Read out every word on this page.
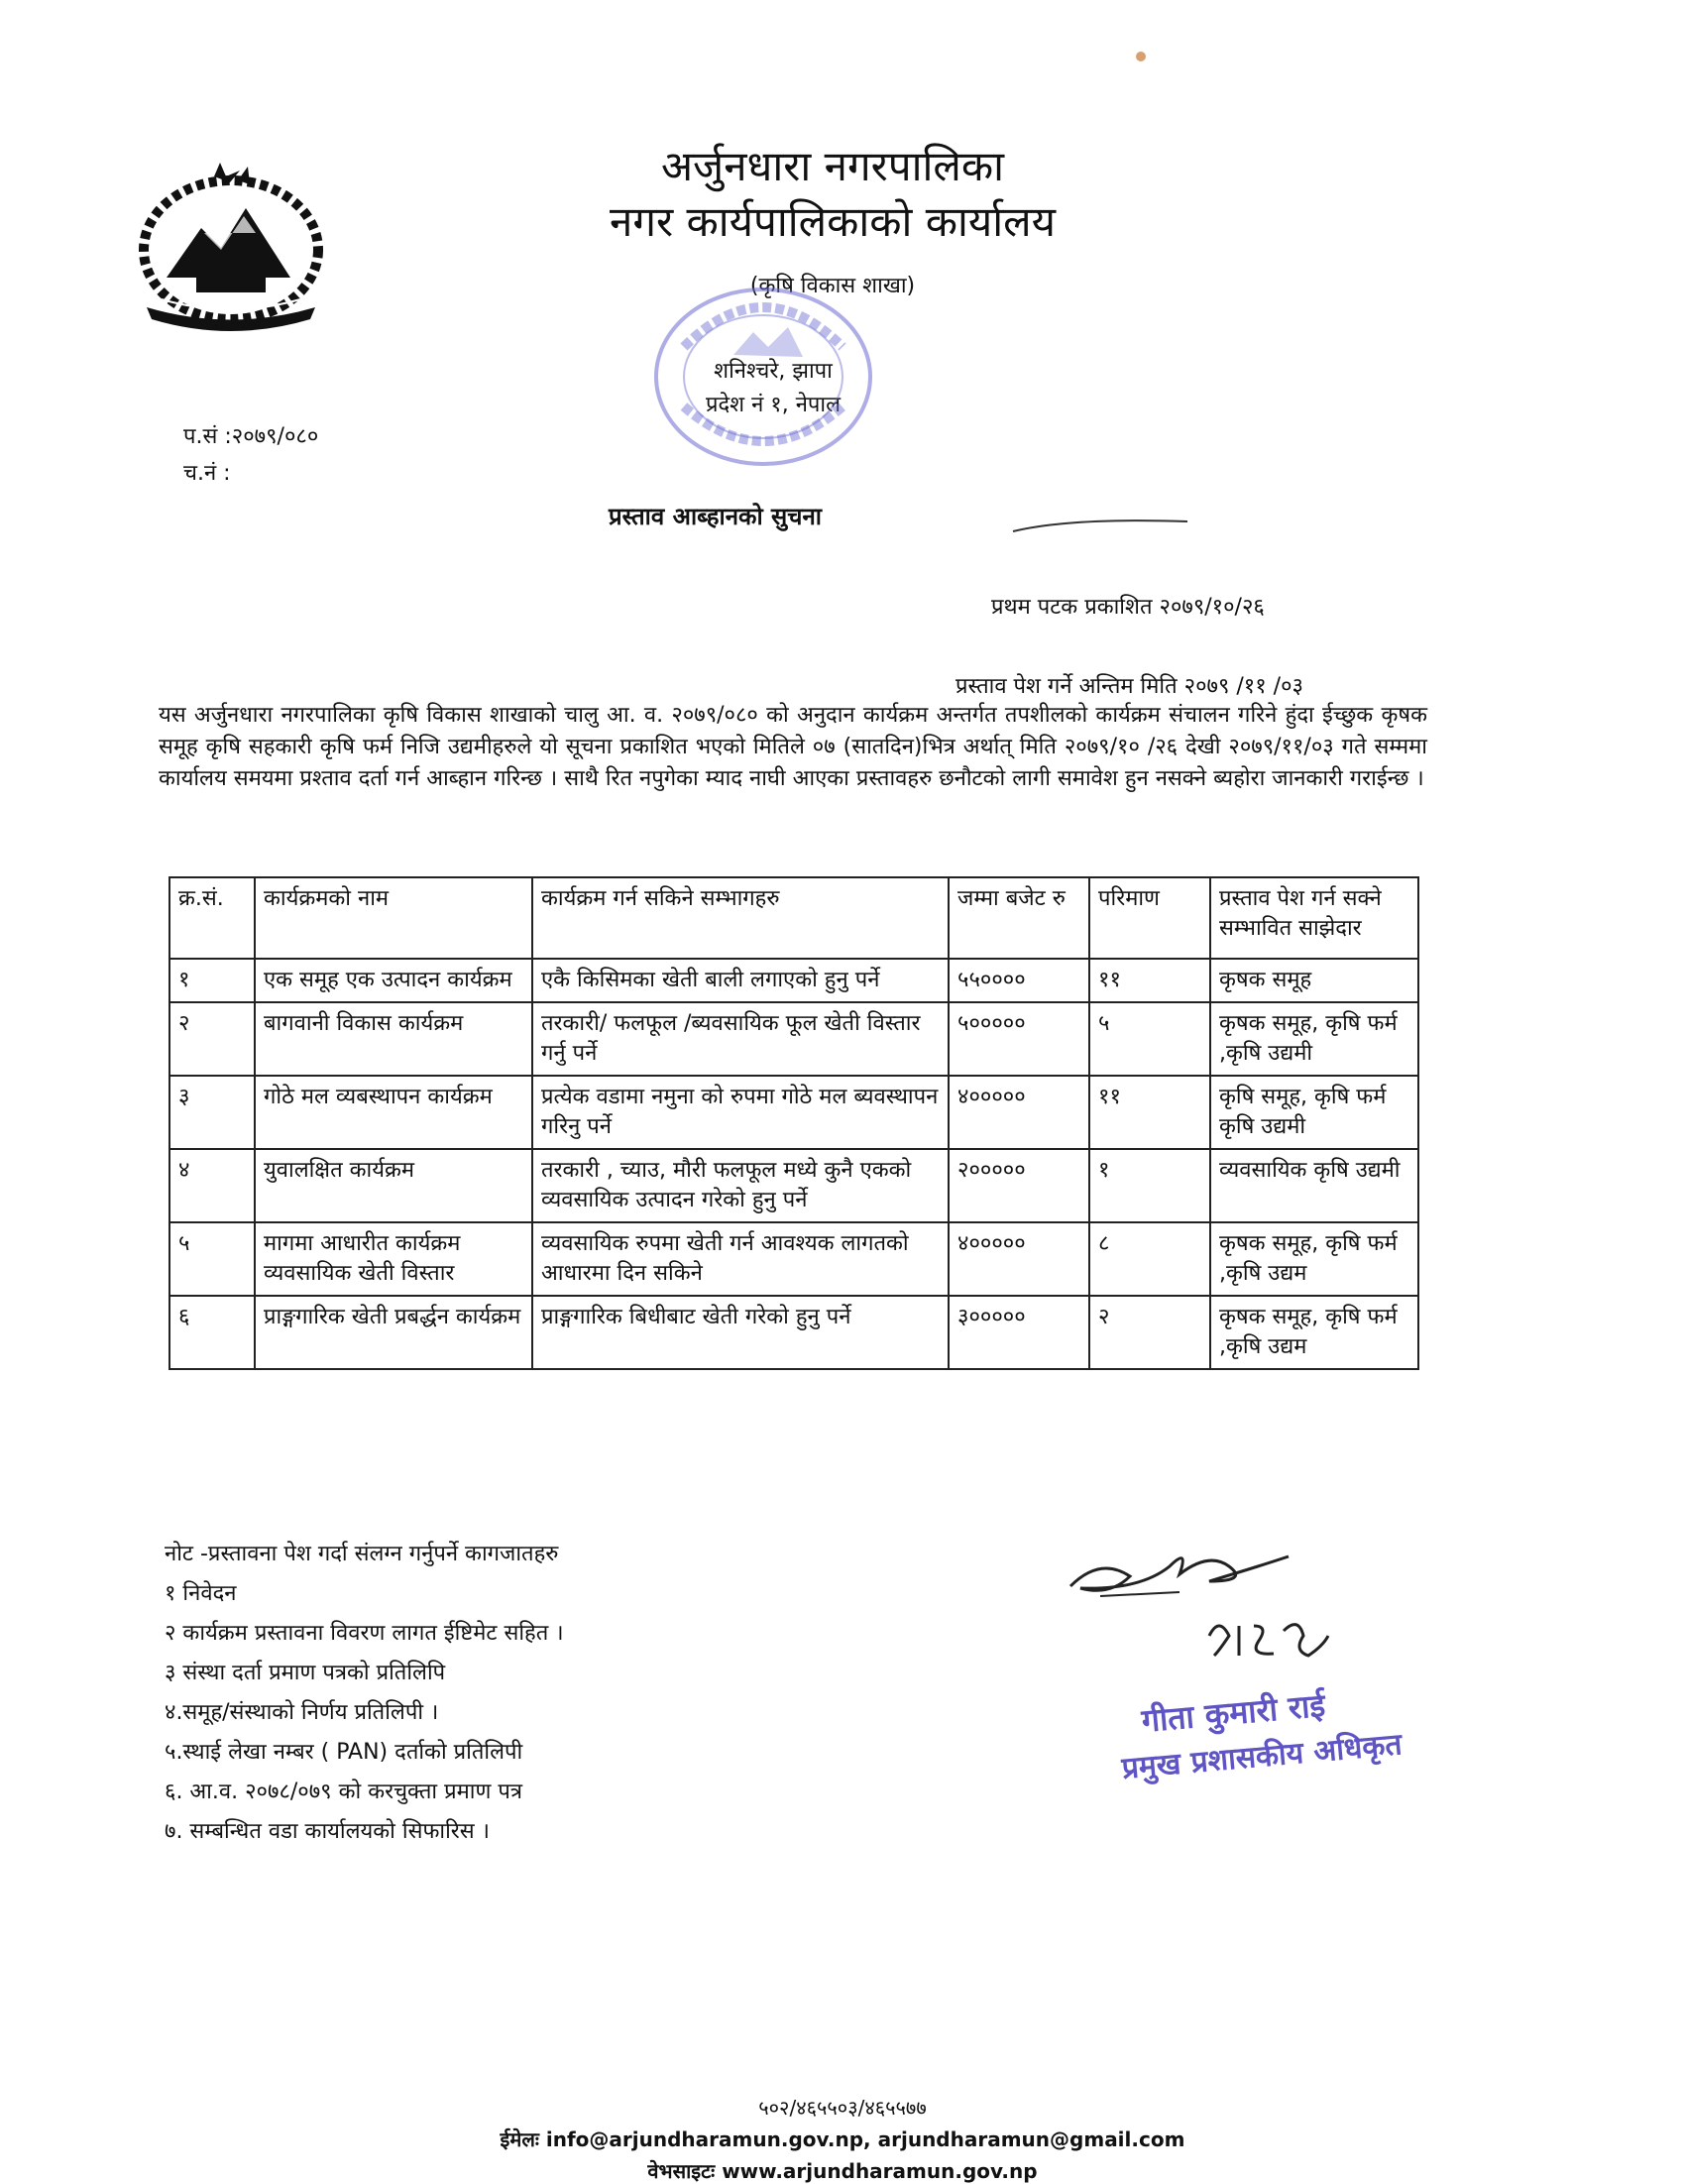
अर्जुनधारा नगरपालिका
नगर कार्यपालिकाको कार्यालय
(कृषि विकास शाखा)
शनिश्चरे, झापा
प्रदेश नं १, नेपाल
प.सं :२०७९/०८०
च.नं :
प्रस्ताव आब्हानको सुचना
प्रथम पटक प्रकाशित २०७९/१०/२६
प्रस्ताव पेश गर्ने अन्तिम मिति २०७९ /११ /०३
यस अर्जुनधारा नगरपालिका कृषि विकास शाखाको चालु आ. व. २०७९/०८० को अनुदान कार्यक्रम अन्तर्गत तपशीलको कार्यक्रम संचालन गरिने हुंदा ईच्छुक कृषक समूह कृषि सहकारी कृषि फर्म निजि उद्यमीहरुले यो सूचना प्रकाशित भएको मितिले ०७ (सातदिन)भित्र अर्थात् मिति २०७९/१० /२६ देखी २०७९/११/०३ गते सम्ममा कार्यालय समयमा प्रश्ताव दर्ता गर्न आब्हान गरिन्छ । साथै रित नपुगेका म्याद नाघी आएका प्रस्तावहरु छनौटको लागी समावेश हुन नसक्ने ब्यहोरा जानकारी गराईन्छ ।
क्र.सं.	कार्यक्रमको नाम	कार्यक्रम गर्न सकिने सम्भागहरु	जम्मा बजेट रु	परिमाण	प्रस्ताव पेश गर्न सक्ने सम्भावित साझेदार
१	एक समूह एक उत्पादन कार्यक्रम	एकै किसिमका खेती बाली लगाएको हुनु पर्ने	५५००००	११	कृषक समूह
२	बागवानी विकास कार्यक्रम	तरकारी/ फलफूल /ब्यवसायिक फूल खेती विस्तार गर्नु पर्ने	५०००००	५	कृषक समूह, कृषि फर्म ,कृषि उद्यमी
३	गोठे मल व्यबस्थापन कार्यक्रम	प्रत्येक वडामा नमुना को रुपमा गोठे मल ब्यवस्थापन गरिनु पर्ने	४०००००	११	कृषि समूह, कृषि फर्म कृषि उद्यमी
४	युवालक्षित कार्यक्रम	तरकारी , च्याउ, मौरी फलफूल मध्ये कुनै एकको व्यवसायिक उत्पादन गरेको हुनु पर्ने	२०००००	१	व्यवसायिक कृषि उद्यमी
५	मागमा आधारीत कार्यक्रम व्यवसायिक खेती विस्तार	व्यवसायिक रुपमा खेती गर्न आवश्यक लागतको आधारमा दिन सकिने	४०००००	८	कृषक समूह, कृषि फर्म ,कृषि उद्यम
६	प्राङ्गगारिक खेती प्रबर्द्धन कार्यक्रम	प्राङ्गगारिक बिधीबाट खेती गरेको हुनु पर्ने	३०००००	२	कृषक समूह, कृषि फर्म ,कृषि उद्यम
नोट -प्रस्तावना पेश गर्दा संलग्न गर्नुपर्ने कागजातहरु
१ निवेदन
२ कार्यक्रम प्रस्तावना विवरण लागत ईष्टिमेट सहित ।
३ संस्था दर्ता प्रमाण पत्रको प्रतिलिपि
४.समूह/संस्थाको निर्णय प्रतिलिपी ।
५.स्थाई लेखा नम्बर ( PAN) दर्ताको प्रतिलिपी
६. आ.व. २०७८/०७९ को करचुक्ता प्रमाण पत्र
७. सम्बन्धित वडा कार्यालयको सिफारिस ।
गीता कुमारी राई
प्रमुख प्रशासकीय अधिकृत
५०२/४६५५०३/४६५५७७
ईमेलः info@arjundharamun.gov.np, arjundharamun@gmail.com
वेभसाइटः www.arjundharamun.gov.np
